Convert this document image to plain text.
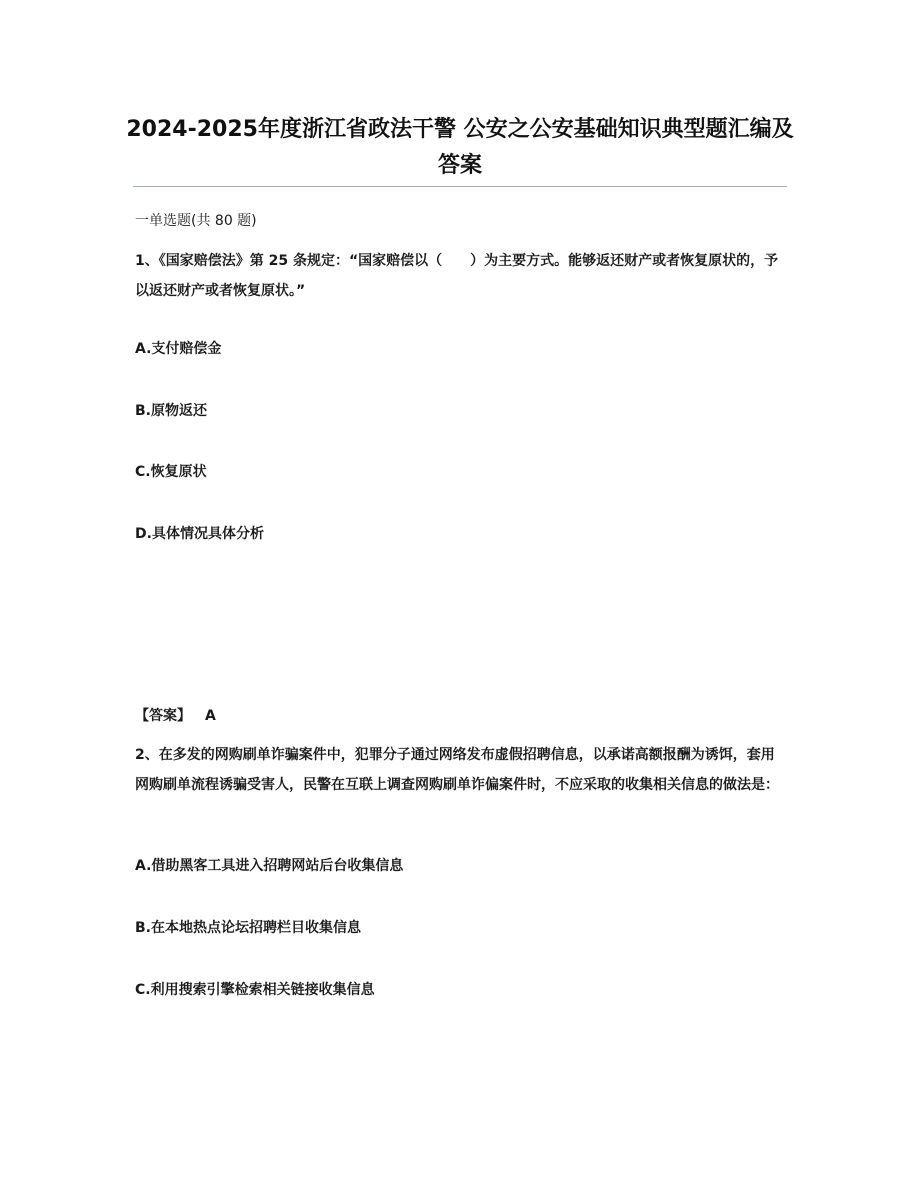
2024-2025年度浙江省政法干警 公安之公安基础知识典型题汇编及答案

一单选题(共 80 题)

1、《国家赔偿法》第 25 条规定：“国家赔偿以（　　）为主要方式。能够返还财产或者恢复原状的，予以返还财产或者恢复原状。”

A.支付赔偿金

B.原物返还

C.恢复原状

D.具体情况具体分析

【答案】 A

2、在多发的网购刷单诈骗案件中，犯罪分子通过网络发布虚假招聘信息，以承诺高额报酬为诱饵，套用网购刷单流程诱骗受害人，民警在互联上调查网购刷单诈偏案件时，不应采取的收集相关信息的做法是：

A.借助黑客工具进入招聘网站后台收集信息

B.在本地热点论坛招聘栏目收集信息

C.利用搜索引擎检索相关链接收集信息
